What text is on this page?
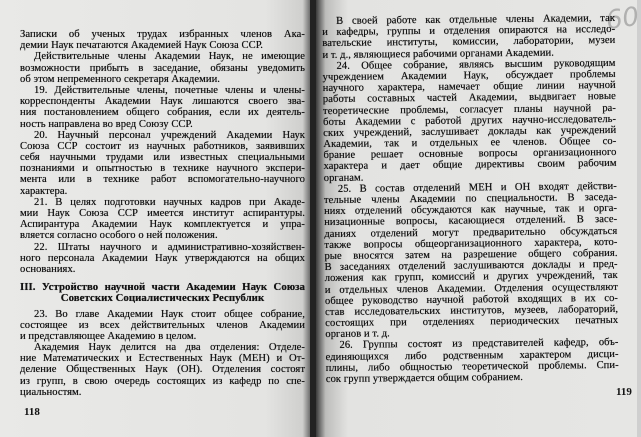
Записки об ученых трудах избранных членов Ака-
демии Наук печатаются Академией Наук Союза ССР.
Действительные члены Академии Наук, не имеющие
возможности прибыть в заседание, обязаны уведомить
об этом непременного секретаря Академии.
19. Действительные члены, почетные члены и члены-
корреспонденты Академии Наук лишаются своего зва-
ния постановлением общего собрания, если их деятель-
ность направлена во вред Союзу ССР.
20. Научный персонал учреждений Академии Наук
Союза ССР состоит из научных работников, заявивших
себя научными трудами или известных специальными
познаниями и опытностью в технике научного экспери-
мента или в технике работ вспомогательно-научного
характера.
21. В целях подготовки научных кадров при Акаде-
мии Наук Союза ССР имеется институт аспирантуры.
Аспирантура Академии Наук комплектуется и упра-
вляется согласно особого о ней положения.
22. Штаты научного и административно-хозяйствен-
ного персонала Академии Наук утверждаются на общих
основаниях.
III. Устройство научной части Академии Наук Союза
Советских Социалистических Республик
23. Во главе Академии Наук стоит общее собрание,
состоящее из всех действительных членов Академии
и представляющее Академию в целом.
Академия Наук делится на два отделения: Отделе-
ние Математических и Естественных Наук (МЕН) и От-
деление Общественных Наук (ОН). Отделения состоят
из групп, в свою очередь состоящих из кафедр по спе-
циальностям.
118
60
В своей работе как отдельные члены Академии, так
и кафедры, группы и отделения опираются на исследо-
вательские институты, комиссии, лаборатории, музеи
и т. д., являющиеся рабочими органами Академии.
24. Общее собрание, являясь высшим руководящим
учреждением Академии Наук, обсуждает проблемы
научного характера, намечает общие линии научной
работы составных частей Академии, выдвигает новые
теоретические проблемы, согласует планы научной ра-
боты Академии с работой других научно-исследователь-
ских учреждений, заслушивает доклады как учреждений
Академии, так и отдельных ее членов. Общее со-
брание решает основные вопросы организационного
характера и дает общие директивы своим рабочим
органам.
25. В состав отделений МЕН и ОН входят действи-
тельные члены Академии по специальности. В заседа-
ниях отделений обсуждаются как научные, так и орга-
низационные вопросы, касающиеся отделений. В засе-
даниях отделений могут предварительно обсуждаться
также вопросы общеорганизационного характера, кото-
рые вносятся затем на разрешение общего собрания.
В заседаниях отделений заслушиваются доклады и пред-
ложения как групп, комиссий и других учреждений, так
и отдельных членов Академии. Отделения осуществляют
общее руководство научной работой входящих в их со-
став исследовательских институтов, музеев, лабораторий,
состоящих при отделениях периодических печатных
органов и т. д.
26. Группы состоят из представителей кафедр, объ-
единяющихся либо родственным характером дисци-
плины, либо общностью теоретической проблемы. Спи-
сок групп утверждается общим собранием.
119
